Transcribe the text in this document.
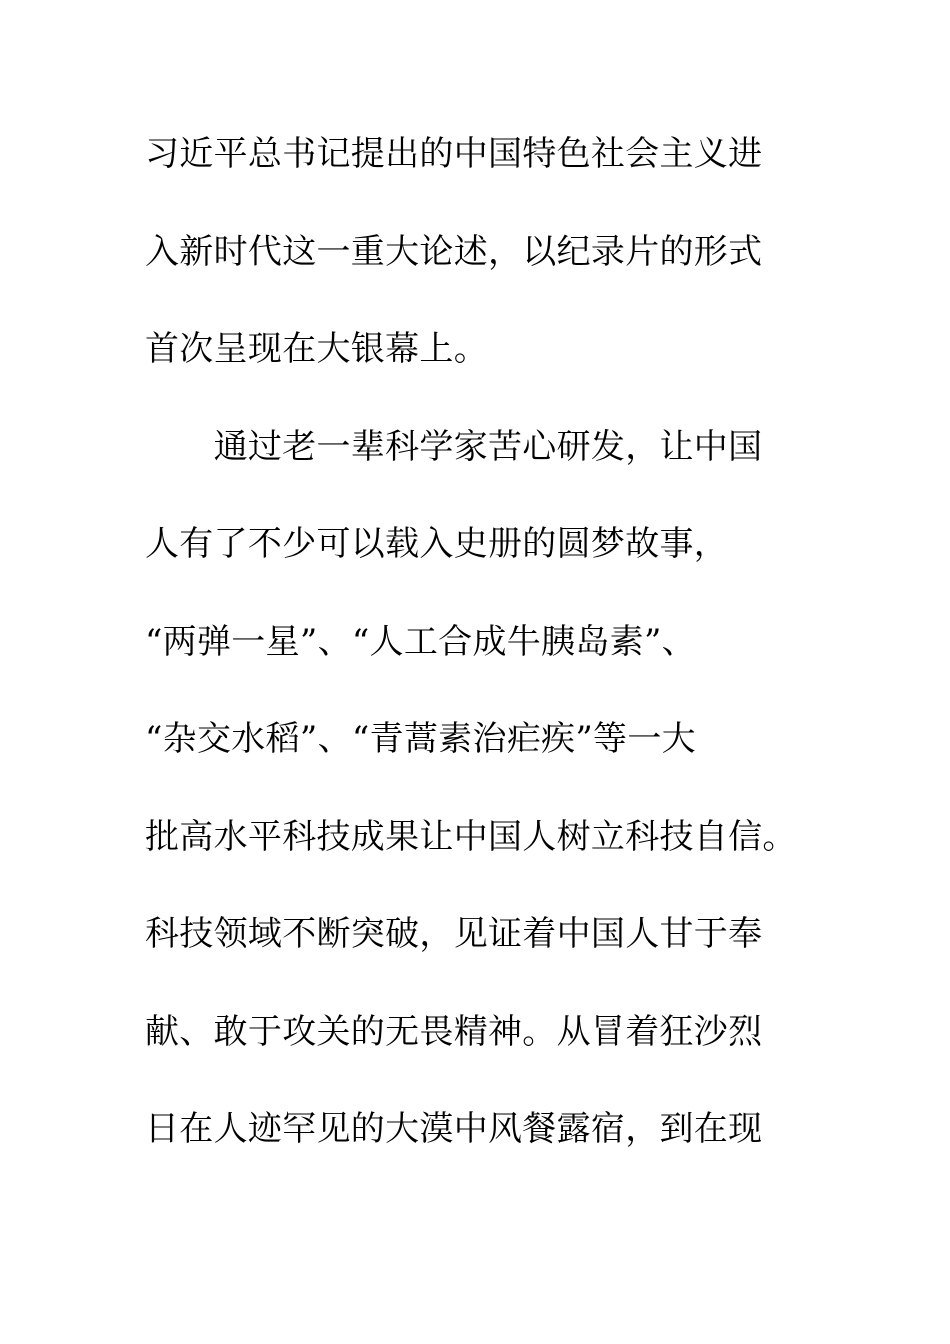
习近平总书记提出的中国特色社会主义进
入新时代这一重大论述，以纪录片的形式
首次呈现在大银幕上。
　　通过老一辈科学家苦心研发，让中国
人有了不少可以载入史册的圆梦故事，
“两弹一星”、“人工合成牛胰岛素”、
“杂交水稻”、“青蒿素治疟疾”等一大
批高水平科技成果让中国人树立科技自信。
科技领域不断突破，见证着中国人甘于奉
献、敢于攻关的无畏精神。从冒着狂沙烈
日在人迹罕见的大漠中风餐露宿，到在现
